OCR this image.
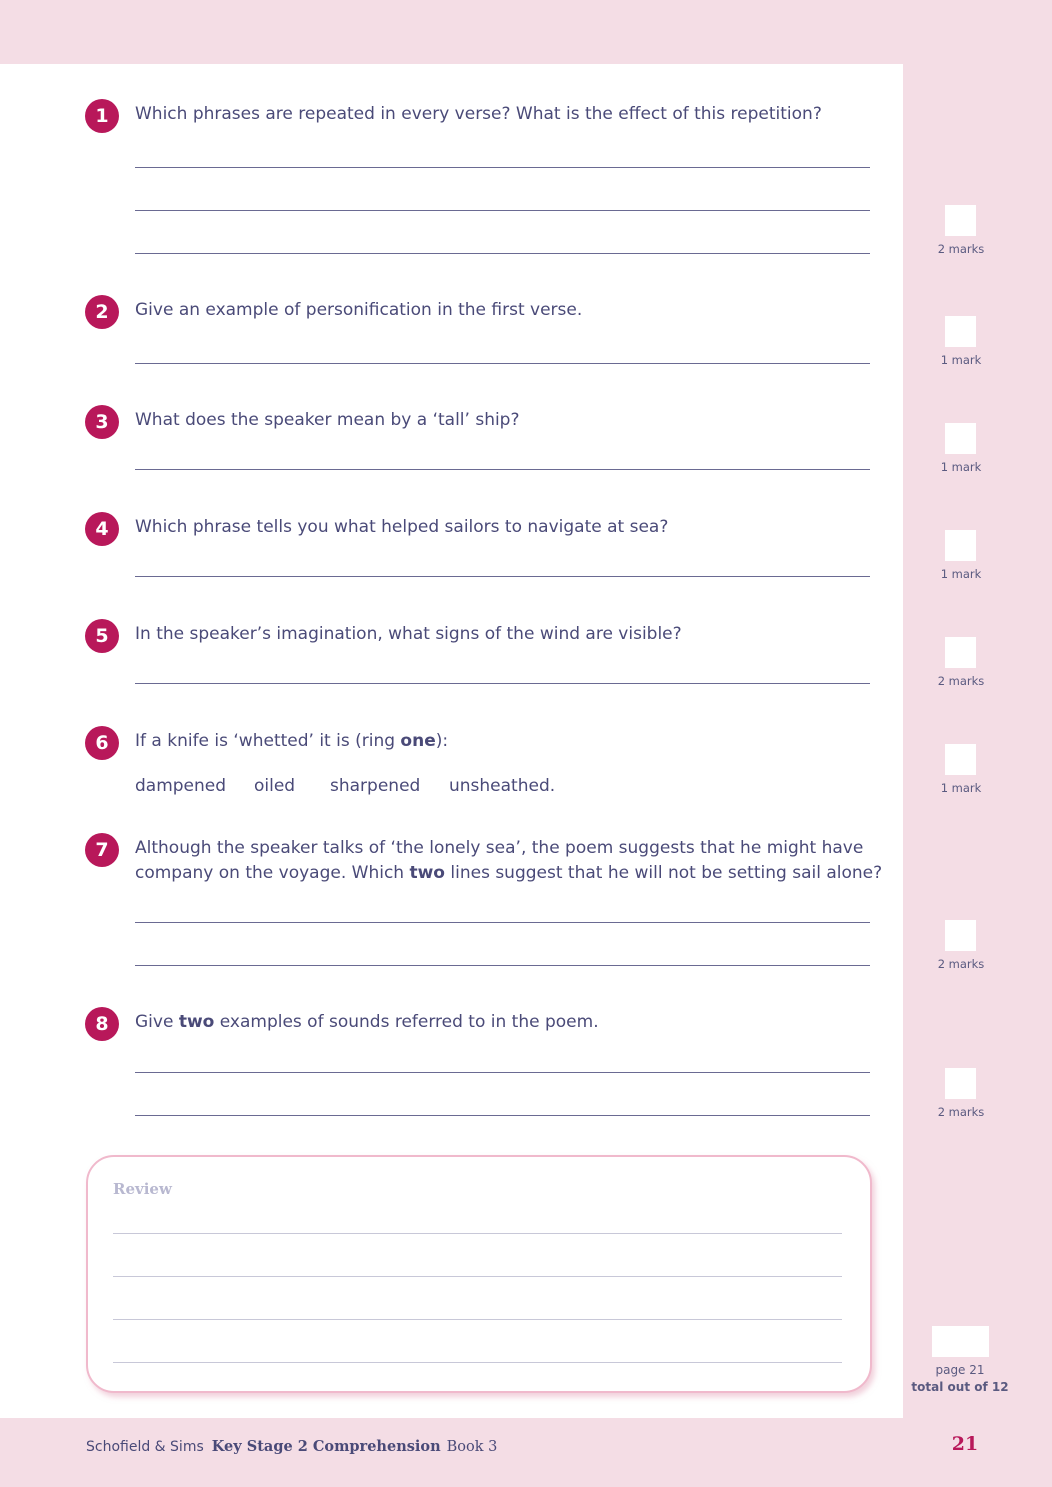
1	Which phrases are repeated in every verse? What is the effect of this repetition?
2 marks
2	Give an example of personification in the first verse.
1 mark
3	What does the speaker mean by a ‘tall’ ship?
1 mark
4	Which phrase tells you what helped sailors to navigate at sea?
1 mark
5	In the speaker’s imagination, what signs of the wind are visible?
2 marks
6	If a knife is ‘whetted’ it is (ring one):
dampened oiled sharpened unsheathed.	1 mark
7	Although the speaker talks of ‘the lonely sea’, the poem suggests that he might have
company on the voyage. Which two lines suggest that he will not be setting sail alone?
2 marks
8	Give two examples of sounds referred to in the poem.
2 marks
Review
page 21
total out of 12
Schofield & Sims Key Stage 2 Comprehension Book 3	21
